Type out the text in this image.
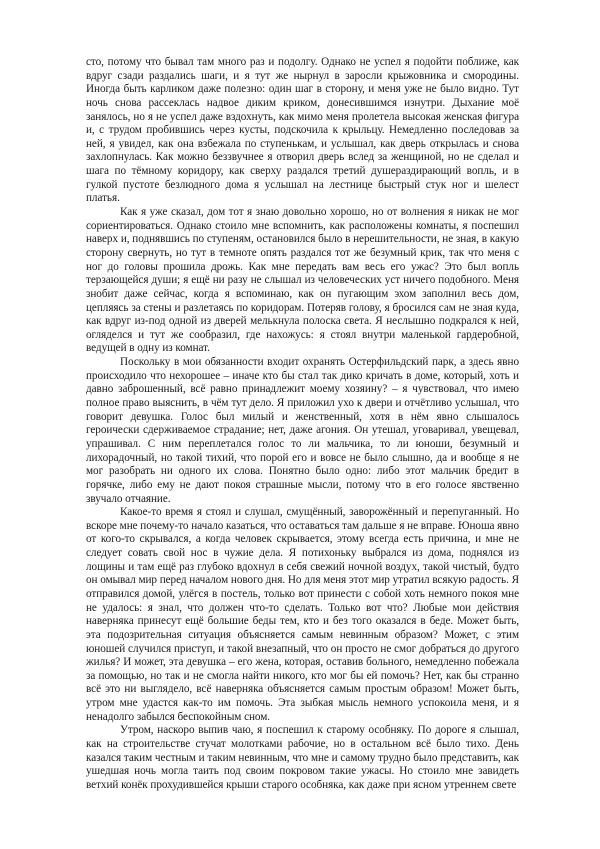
сто, потому что бывал там много раз и подолгу. Однако не успел я подойти поближе, как вдруг сзади раздались шаги, и я тут же нырнул в заросли крыжовника и смородины. Иногда быть карликом даже полезно: один шаг в сторону, и меня уже не было видно. Тут ночь снова рассеклась надвое диким криком, донесившимся изнутри. Дыхание моё занялось, но я не успел даже вздохнуть, как мимо меня пролетела высокая женская фигура и, с трудом пробившись через кусты, подскочила к крыльцу. Немедленно последовав за ней, я увидел, как она взбежала по ступенькам, и услышал, как дверь открылась и снова захлопнулась. Как можно беззвучнее я отворил дверь вслед за женщиной, но не сделал и шага по тёмному коридору, как сверху раздался третий душераздирающий вопль, и в гулкой пустоте безлюдного дома я услышал на лестнице быстрый стук ног и шелест платья.

Как я уже сказал, дом тот я знаю довольно хорошо, но от волнения я никак не мог сориентироваться. Однако стоило мне вспомнить, как расположены комнаты, я поспешил наверх и, поднявшись по ступеням, остановился было в нерешительности, не зная, в какую сторону свернуть, но тут в темноте опять раздался тот же безумный крик, так что меня с ног до головы прошила дрожь. Как мне передать вам весь его ужас? Это был вопль терзающейся души; я ещё ни разу не слышал из человеческих уст ничего подобного. Меня знобит даже сейчас, когда я вспоминаю, как он пугающим эхом заполнил весь дом, цепляясь за стены и разлетаясь по коридорам. Потеряв голову, я бросился сам не зная куда, как вдруг из-под одной из дверей мелькнула полоска света. Я неслышно подкрался к ней, огляделся и тут же сообразил, где нахожусь: я стоял внутри маленькой гардеробной, ведущей в одну из комнат.

Поскольку в мои обязанности входит охранять Остерфильдский парк, а здесь явно происходило что нехорошее – иначе кто бы стал так дико кричать в доме, который, хоть и давно заброшенный, всё равно принадлежит моему хозяину? – я чувствовал, что имею полное право выяснить, в чём тут дело. Я приложил ухо к двери и отчётливо услышал, что говорит девушка. Голос был милый и женственный, хотя в нём явно слышалось героически сдерживаемое страдание; нет, даже агония. Он утешал, уговаривал, увещевал, упрашивал. С ним переплетался голос то ли мальчика, то ли юноши, безумный и лихорадочный, но такой тихий, что порой его и вовсе не было слышно, да и вообще я не мог разобрать ни одного их слова. Понятно было одно: либо этот мальчик бредит в горячке, либо ему не дают покоя страшные мысли, потому что в его голосе явственно звучало отчаяние.

Какое-то время я стоял и слушал, смущённый, заворожённый и перепуганный. Но вскоре мне почему-то начало казаться, что оставаться там дальше я не вправе. Юноша явно от кого-то скрывался, а когда человек скрывается, этому всегда есть причина, и мне не следует совать свой нос в чужие дела. Я потихоньку выбрался из дома, поднялся из лощины и там ещё раз глубоко вдохнул в себя свежий ночной воздух, такой чистый, будто он омывал мир перед началом нового дня. Но для меня этот мир утратил всякую радость. Я отправился домой, улёгся в постель, только вот принести с собой хоть немного покоя мне не удалось: я знал, что должен что-то сделать. Только вот что? Любые мои действия наверняка принесут ещё большие беды тем, кто и без того оказался в беде. Может быть, эта подозрительная ситуация объясняется самым невинным образом? Может, с этим юношей случился приступ, и такой внезапный, что он просто не смог добраться до другого жилья? И может, эта девушка – его жена, которая, оставив больного, немедленно побежала за помощью, но так и не смогла найти никого, кто мог бы ей помочь? Нет, как бы странно всё это ни выглядело, всё наверняка объясняется самым простым образом! Может быть, утром мне удастся как-то им помочь. Эта зыбкая мысль немного успокоила меня, и я ненадолго забылся беспокойным сном.

Утром, наскоро выпив чаю, я поспешил к старому особняку. По дороге я слышал, как на строительстве стучат молотками рабочие, но в остальном всё было тихо. День казался таким честным и таким невинным, что мне и самому трудно было представить, как ушедшая ночь могла таить под своим покровом такие ужасы. Но стоило мне завидеть ветхий конёк прохудившейся крыши старого особняка, как даже при ясном утреннем свете
